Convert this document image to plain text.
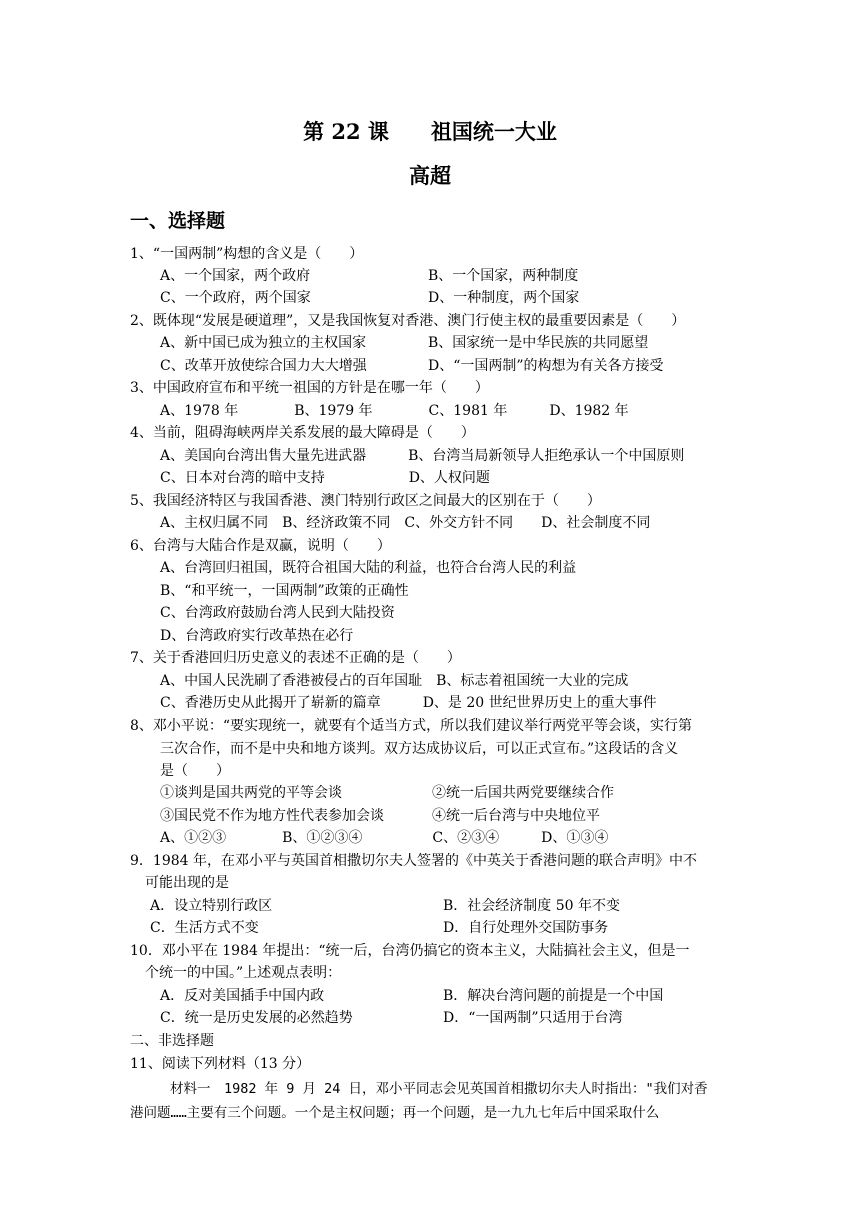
第 22 课　　祖国统一大业
高超
一、选择题
1、“一国两制”构想的含义是（　　）
A、一个国家，两个政府	B、一个国家，两种制度
C、一个政府，两个国家	D、一种制度，两个国家
2、既体现“发展是硬道理”，又是我国恢复对香港、澳门行使主权的最重要因素是（　　）
A、新中国已成为独立的主权国家	B、国家统一是中华民族的共同愿望
C、改革开放使综合国力大大增强	D、“一国两制”的构想为有关各方接受
3、中国政府宣布和平统一祖国的方针是在哪一年（　　）
A、1978 年　　　　B、1979 年　　　　C、1981 年　　　D、1982 年
4、当前，阻碍海峡两岸关系发展的最大障碍是（　　）
A、美国向台湾出售大量先进武器　　　B、台湾当局新领导人拒绝承认一个中国原则
C、日本对台湾的暗中支持　　　　　　D、人权问题
5、我国经济特区与我国香港、澳门特别行政区之间最大的区别在于（　　）
A、主权归属不同　B、经济政策不同　C、外交方针不同　　D、社会制度不同
6、台湾与大陆合作是双赢，说明（　　）
A、台湾回归祖国，既符合祖国大陆的利益，也符合台湾人民的利益
B、“和平统一，一国两制”政策的正确性
C、台湾政府鼓励台湾人民到大陆投资
D、台湾政府实行改革热在必行
7、关于香港回归历史意义的表述不正确的是（　　）
A、中国人民洗刷了香港被侵占的百年国耻　B、标志着祖国统一大业的完成
C、香港历史从此揭开了崭新的篇章　　　D、是 20 世纪世界历史上的重大事件
8、邓小平说：“要实现统一，就要有个适当方式，所以我们建议举行两党平等会谈，实行第
三次合作，而不是中央和地方谈判。双方达成协议后，可以正式宣布。”这段话的含义
是（　　）
①谈判是国共两党的平等会谈	②统一后国共两党要继续合作
③国民党不作为地方性代表参加会谈	④统一后台湾与中央地位平
A、①②③　　　　B、①②③④　　　　　C、②③④　　　D、①③④
9．1984 年，在邓小平与英国首相撒切尔夫人签署的《中英关于香港问题的联合声明》中不
可能出现的是
A．设立特别行政区	B．社会经济制度 50 年不变
C．生活方式不变	D．自行处理外交国防事务
10．邓小平在 1984 年提出：“统一后，台湾仍搞它的资本主义，大陆搞社会主义，但是一
个统一的中国。”上述观点表明：
A．反对美国插手中国内政	B．解决台湾问题的前提是一个中国
C．统一是历史发展的必然趋势	D．“一国两制”只适用于台湾
二、非选择题
11、阅读下列材料（13 分）
材料一　1982 年 9 月 24 日，邓小平同志会见英国首相撒切尔夫人时指出："我们对香
港问题……主要有三个问题。一个是主权问题；再一个问题，是一九九七年后中国采取什么
